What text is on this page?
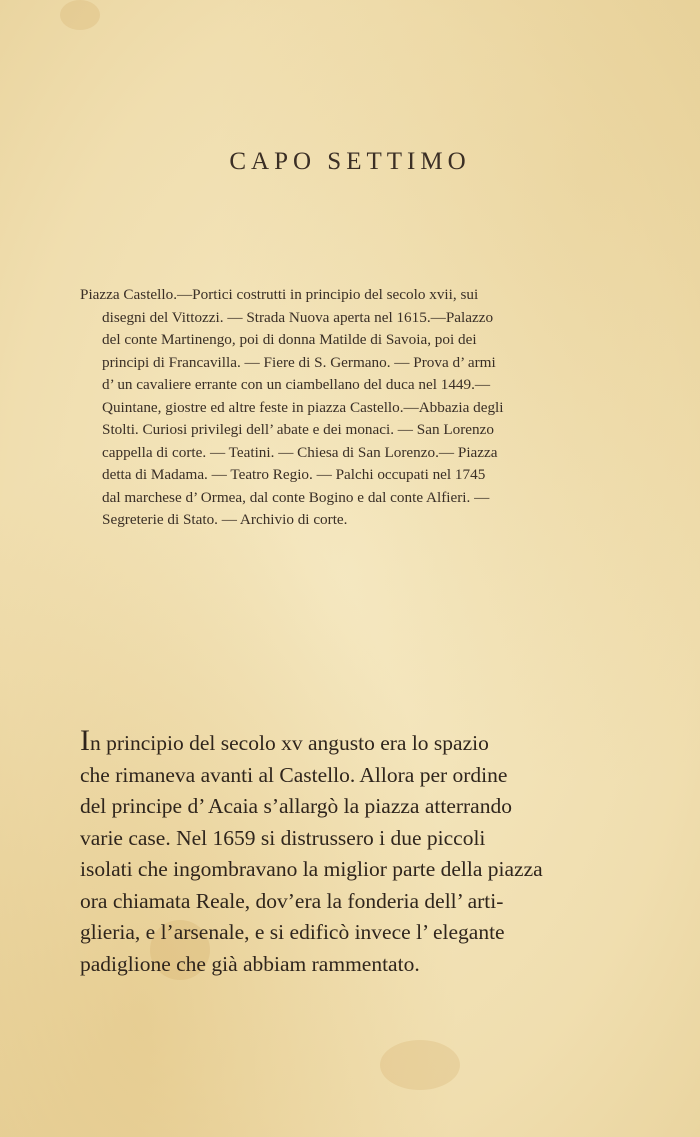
CAPO SETTIMO
Piazza Castello.—Portici costrutti in principio del secolo xvii, sui
disegni del Vittozzi. — Strada Nuova aperta nel 1615.—Palazzo
del conte Martinengo, poi di donna Matilde di Savoia, poi dei
principi di Francavilla. — Fiere di S. Germano. — Prova d’ armi
d’ un cavaliere errante con un ciambellano del duca nel 1449.—
Quintane, giostre ed altre feste in piazza Castello.—Abbazia degli
Stolti. Curiosi privilegi dell’ abate e dei monaci. — San Lorenzo
cappella di corte. — Teatini. — Chiesa di San Lorenzo.— Piazza
detta di Madama. — Teatro Regio. — Palchi occupati nel 1745
dal marchese d’ Ormea, dal conte Bogino e dal conte Alfieri. —
Segreterie di Stato. — Archivio di corte.
In principio del secolo xv angusto era lo spazio
che rimaneva avanti al Castello. Allora per ordine
del principe d’ Acaia s’allargò la piazza atterrando
varie case. Nel 1659 si distrussero i due piccoli
isolati che ingombravano la miglior parte della piazza
ora chiamata Reale, dov’era la fonderia dell’ arti-
glieria, e l’arsenale, e si edificò invece l’ elegante
padiglione che già abbiam rammentato.
